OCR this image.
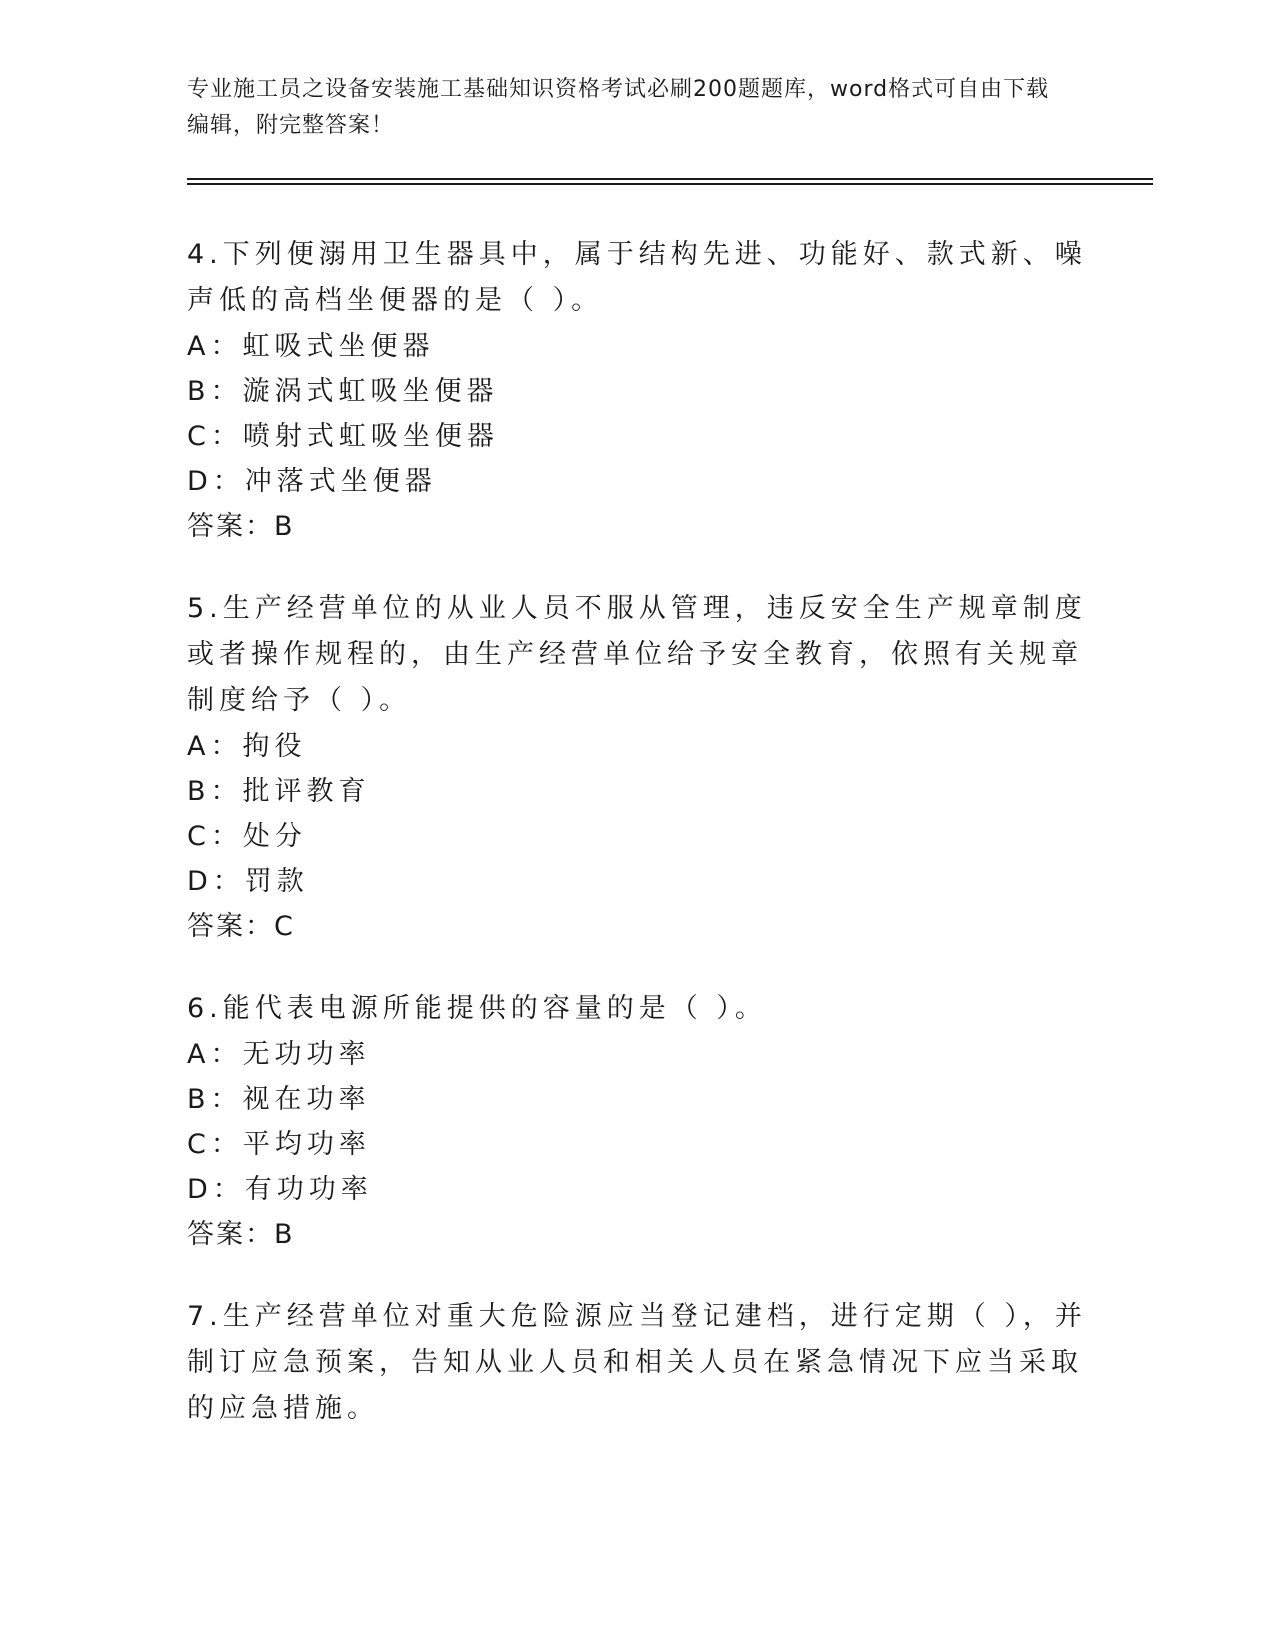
专业施工员之设备安装施工基础知识资格考试必刷200题题库，word格式可自由下载编辑，附完整答案！

4.下列便溺用卫生器具中，属于结构先进、功能好、款式新、噪声低的高档坐便器的是（ ）。

A：虹吸式坐便器

B：漩涡式虹吸坐便器

C：喷射式虹吸坐便器

D：冲落式坐便器

答案：B

5.生产经营单位的从业人员不服从管理，违反安全生产规章制度或者操作规程的，由生产经营单位给予安全教育，依照有关规章制度给予（ ）。

A：拘役

B：批评教育

C：处分

D：罚款

答案：C

6.能代表电源所能提供的容量的是（ ）。

A：无功功率

B：视在功率

C：平均功率

D：有功功率

答案：B

7.生产经营单位对重大危险源应当登记建档，进行定期（ ），并制订应急预案，告知从业人员和相关人员在紧急情况下应当采取的应急措施。
